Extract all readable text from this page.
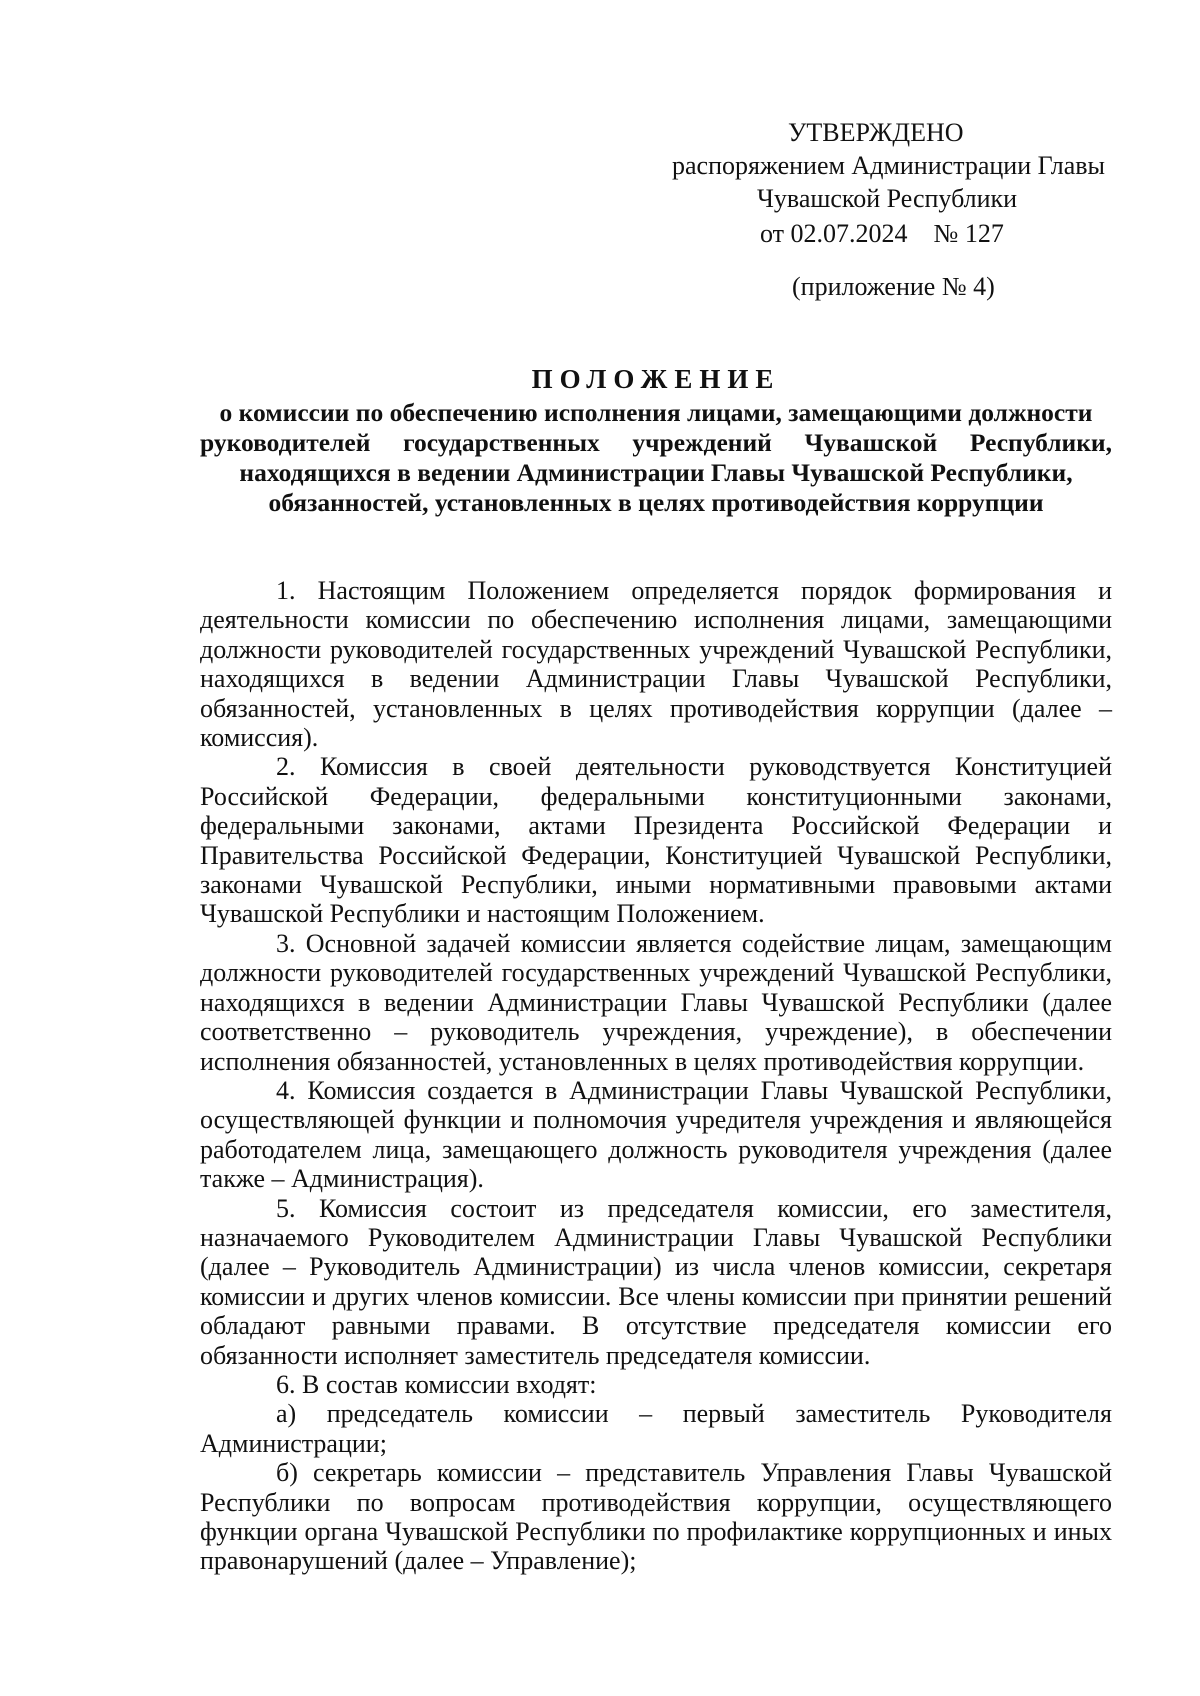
УТВЕРЖДЕНО
распоряжением Администрации Главы
Чувашской Республики
от 02.07.2024 № 127
(приложение № 4)
ПОЛОЖЕНИЕ
о комиссии по обеспечению исполнения лицами, замещающими должности
руководителей государственных учреждений Чувашской Республики,
находящихся в ведении Администрации Главы Чувашской Республики,
обязанностей, установленных в целях противодействия коррупции

1. Настоящим Положением определяется порядок формирования и деятельности комиссии по обеспечению исполнения лицами, замещающими должности руководителей государственных учреждений Чувашской Республики, находящихся в ведении Администрации Главы Чувашской Республики, обязанностей, установленных в целях противодействия коррупции (далее – комиссия).

2. Комиссия в своей деятельности руководствуется Конституцией Российской Федерации, федеральными конституционными законами, федеральными законами, актами Президента Российской Федерации и Правительства Российской Федерации, Конституцией Чувашской Республики, законами Чувашской Республики, иными нормативными правовыми актами Чувашской Республики и настоящим Положением.

3. Основной задачей комиссии является содействие лицам, замещающим должности руководителей государственных учреждений Чувашской Республики, находящихся в ведении Администрации Главы Чувашской Республики (далее соответственно – руководитель учреждения, учреждение), в обеспечении исполнения обязанностей, установленных в целях противодействия коррупции.

4. Комиссия создается в Администрации Главы Чувашской Республики, осуществляющей функции и полномочия учредителя учреждения и являющейся работодателем лица, замещающего должность руководителя учреждения (далее также – Администрация).

5. Комиссия состоит из председателя комиссии, его заместителя, назначаемого Руководителем Администрации Главы Чувашской Республики (далее – Руководитель Администрации) из числа членов комиссии, секретаря комиссии и других членов комиссии. Все члены комиссии при принятии решений обладают равными правами. В отсутствие председателя комиссии его обязанности исполняет заместитель председателя комиссии.

6. В состав комиссии входят:

а) председатель комиссии – первый заместитель Руководителя Администрации;

б) секретарь комиссии – представитель Управления Главы Чувашской Республики по вопросам противодействия коррупции, осуществляющего функции органа Чувашской Республики по профилактике коррупционных и иных правонарушений (далее – Управление);
